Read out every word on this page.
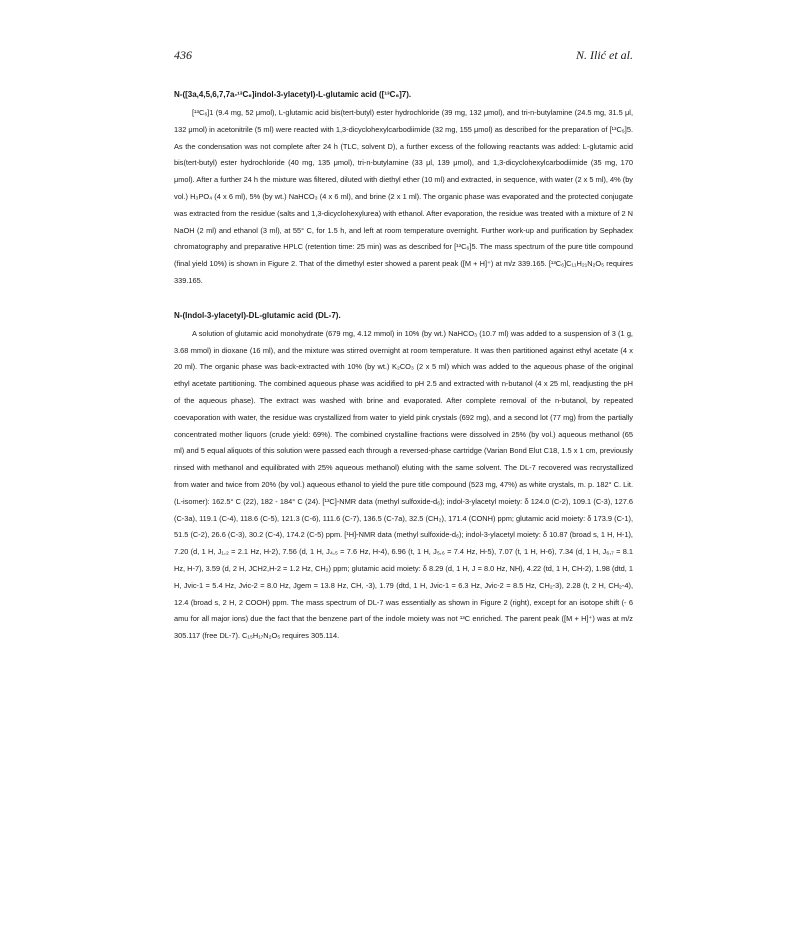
436	N. Ilić et al.
N-([3a,4,5,6,7,7a-¹³C₆]indol-3-ylacetyl)-L-glutamic acid ([¹³C₆]7).

[¹³C₆]1 (9.4 mg, 52 μmol), L-glutamic acid bis(tert-butyl) ester hydrochloride (39 mg, 132 μmol), and tri-n-butylamine (24.5 mg, 31.5 μl, 132 μmol) in acetonitrile (5 ml) were reacted with 1,3-dicyclohexylcarbodiimide (32 mg, 155 μmol) as described for the preparation of [¹³C₆]5. As the condensation was not complete after 24 h (TLC, solvent D), a further excess of the following reactants was added: L-glutamic acid bis(tert-butyl) ester hydrochloride (40 mg, 135 μmol), tri-n-butylamine (33 μl, 139 μmol), and 1,3-dicyclohexylcarbodiimide (35 mg, 170 μmol). After a further 24 h the mixture was filtered, diluted with diethyl ether (10 ml) and extracted, in sequence, with water (2 x 5 ml), 4% (by vol.) H₃PO₄ (4 x 6 ml), 5% (by wt.) NaHCO₃ (4 x 6 ml), and brine (2 x 1 ml). The organic phase was evaporated and the protected conjugate was extracted from the residue (salts and 1,3-dicyclohexylurea) with ethanol. After evaporation, the residue was treated with a mixture of 2 N NaOH (2 ml) and ethanol (3 ml), at 55° C, for 1.5 h, and left at room temperature overnight. Further work-up and purification by Sephadex chromatography and preparative HPLC (retention time: 25 min) was as described for [¹³C₆]5. The mass spectrum of the pure title compound (final yield 10%) is shown in Figure 2. That of the dimethyl ester showed a parent peak ([M + H]⁺) at m/z 339.165. [¹³C₆]C₁₁H₂₁N₂O₅ requires 339.165.

N-(Indol-3-ylacetyl)-DL-glutamic acid (DL-7).

A solution of glutamic acid monohydrate (679 mg, 4.12 mmol) in 10% (by wt.) NaHCO₃ (10.7 ml) was added to a suspension of 3 (1 g, 3.68 mmol) in dioxane (16 ml), and the mixture was stirred overnight at room temperature. It was then partitioned against ethyl acetate (4 x 20 ml). The organic phase was back-extracted with 10% (by wt.) K₂CO₃ (2 x 5 ml) which was added to the aqueous phase of the original ethyl acetate partitioning. The combined aqueous phase was acidified to pH 2.5 and extracted with n-butanol (4 x 25 ml, readjusting the pH of the aqueous phase). The extract was washed with brine and evaporated. After complete removal of the n-butanol, by repeated coevaporation with water, the residue was crystallized from water to yield pink crystals (692 mg), and a second lot (77 mg) from the partially concentrated mother liquors (crude yield: 69%). The combined crystalline fractions were dissolved in 25% (by vol.) aqueous methanol (65 ml) and 5 equal aliquots of this solution were passed each through a reversed-phase cartridge (Varian Bond Elut C18, 1.5 x 1 cm, previously rinsed with methanol and equilibrated with 25% aqueous methanol) eluting with the same solvent. The DL-7 recovered was recrystallized from water and twice from 20% (by vol.) aqueous ethanol to yield the pure title compound (523 mg, 47%) as white crystals, m. p. 182° C. Lit. (L-isomer): 162.5° C (22), 182 - 184° C (24). [¹³C]-NMR data (methyl sulfoxide-d₆); indol-3-ylacetyl moiety: δ 124.0 (C-2), 109.1 (C-3), 127.6 (C-3a), 119.1 (C-4), 118.6 (C-5), 121.3 (C-6), 111.6 (C-7), 136.5 (C-7a), 32.5 (CH₂), 171.4 (CONH) ppm; glutamic acid moiety: δ 173.9 (C-1), 51.5 (C-2), 26.6 (C-3), 30.2 (C-4), 174.2 (C-5) ppm. [¹H]-NMR data (methyl sulfoxide-d₆); indol-3-ylacetyl moiety: δ 10.87 (broad s, 1 H, H-1), 7.20 (d, 1 H, J₁,₂ = 2.1 Hz, H-2), 7.56 (d, 1 H, J₄,₅ = 7.6 Hz, H-4), 6.96 (t, 1 H, J₅,₆ = 7.4 Hz, H-5), 7.07 (t, 1 H, H-6), 7.34 (d, 1 H, J₆,₇ = 8.1 Hz, H-7), 3.59 (d, 2 H, JCH2,H-2 = 1.2 Hz, CH₂) ppm; glutamic acid moiety: δ 8.29 (d, 1 H, J = 8.0 Hz, NH), 4.22 (td, 1 H, CH-2), 1.98 (dtd, 1 H, Jvic-1 = 5.4 Hz, Jvic-2 = 8.0 Hz, Jgem = 13.8 Hz, CH, -3), 1.79 (dtd, 1 H, Jvic-1 = 6.3 Hz, Jvic-2 = 8.5 Hz, CH₂-3), 2.28 (t, 2 H, CH₂-4), 12.4 (broad s, 2 H, 2 COOH) ppm. The mass spectrum of DL-7 was essentially as shown in Figure 2 (right), except for an isotope shift (- 6 amu for all major ions) due the fact that the benzene part of the indole moiety was not ¹³C enriched. The parent peak ([M + H]⁺) was at m/z 305.117 (free DL-7). C₁₅H₁₇N₂O₅ requires 305.114.
